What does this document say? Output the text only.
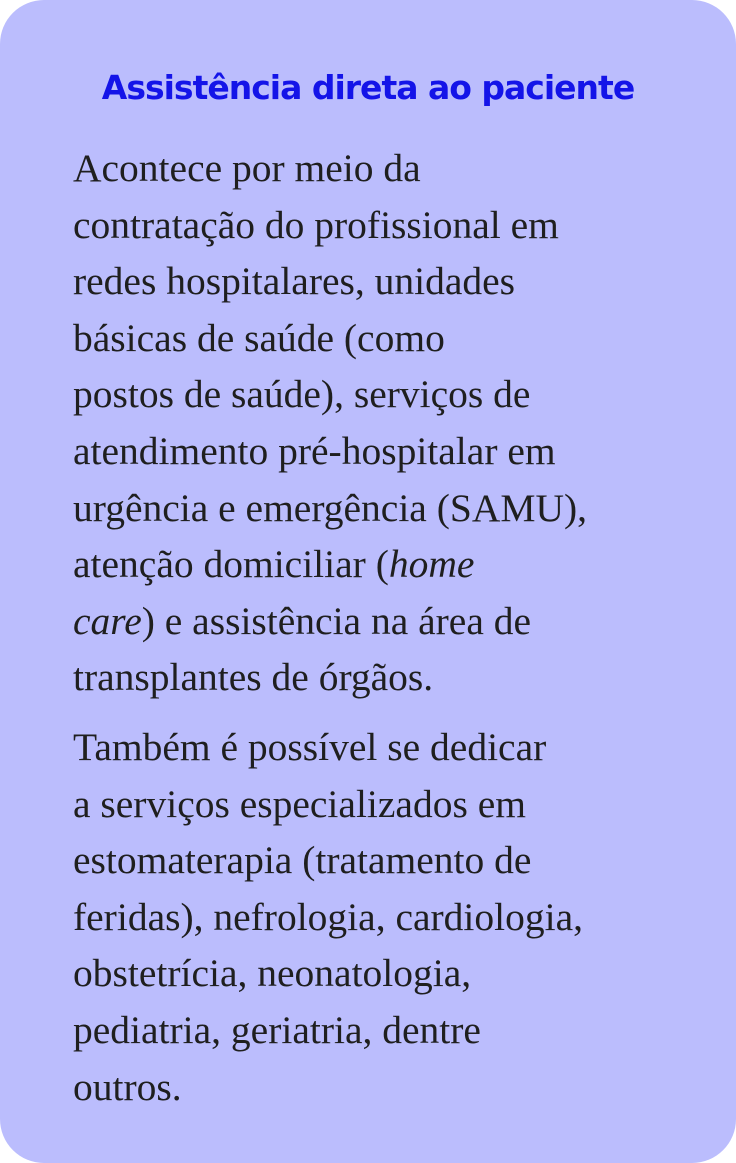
Assistência direta ao paciente

Acontece por meio da
contratação do profissional em
redes hospitalares, unidades
básicas de saúde (como
postos de saúde), serviços de
atendimento pré-hospitalar em
urgência e emergência (SAMU),
atenção domiciliar (home
care) e assistência na área de
transplantes de órgãos.

Também é possível se dedicar
a serviços especializados em
estomaterapia (tratamento de
feridas), nefrologia, cardiologia,
obstetrícia, neonatologia,
pediatria, geriatria, dentre
outros.
